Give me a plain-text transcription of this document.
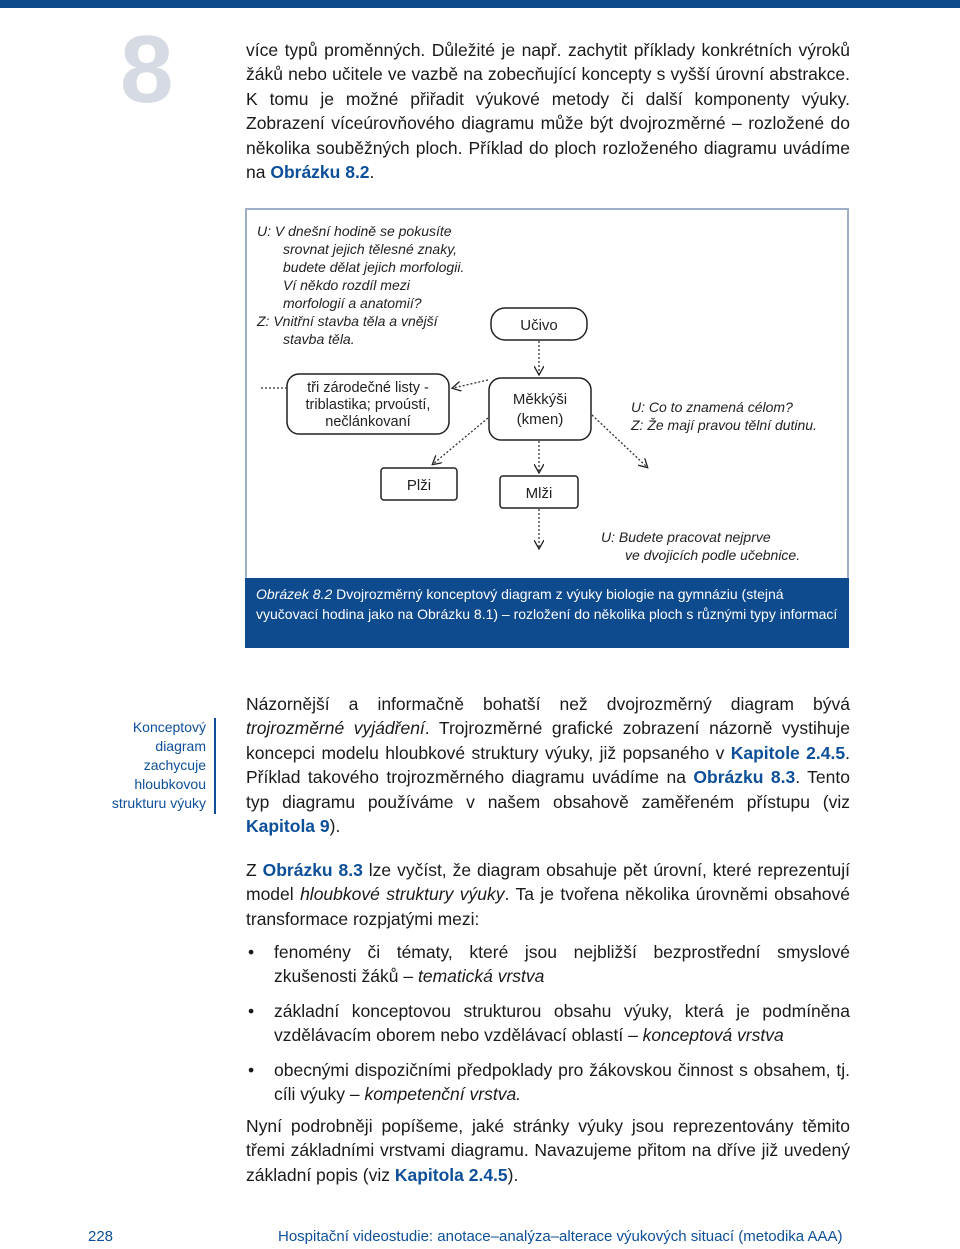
8	více typů proměnných. Důležité je např. zachytit příklady konkrétních výroků žáků nebo učitele ve vazbě na zobecňující koncepty s vyšší úrovní abstrakce. K tomu je možné přiřadit výukové metody či další komponenty výuky. Zobrazení víceúrovňového diagramu může být dvojrozměrné – rozložené do několika souběžných ploch. Příklad do ploch rozloženého diagramu uvádíme na Obrázku 8.2.

U: V dnešní hodině se pokusíte
srovnat jejich tělesné znaky,
budete dělat jejich morfologii.
Ví někdo rozdíl mezi
morfologií a anatomií?
Z: Vnitřní stavba těla a vnější
stavba těla.
Učivo
tři zárodečné listy -
triblastika; prvoústí,
nečlánkovaní
Měkkýši
(kmen)
U: Co to znamená célom?
Z: Že mají pravou tělní dutinu.
Plži	Mlži
U: Budete pracovat nejprve
ve dvojicích podle učebnice.
Obrázek 8.2 Dvojrozměrný konceptový diagram z výuky biologie na gymnáziu (stejná vyučovací hodina jako na Obrázku 8.1) – rozložení do několika ploch s různými typy informací
Konceptový diagram zachycuje hloubkovou strukturu výuky

Názornější a informačně bohatší než dvojrozměrný diagram bývá trojrozměrné vyjádření. Trojrozměrné grafické zobrazení názorně vystihuje koncepci modelu hloubkové struktury výuky, již popsaného v Kapitole 2.4.5. Příklad takového trojrozměrného diagramu uvádíme na Obrázku 8.3. Tento typ diagramu používáme v našem obsahově zaměřeném přístupu (viz Kapitola 9).

Z Obrázku 8.3 lze vyčíst, že diagram obsahuje pět úrovní, které reprezentují model hloubkové struktury výuky. Ta je tvořena několika úrovněmi obsahové transformace rozpjatými mezi:

• fenomény či tématy, které jsou nejbližší bezprostřední smyslové zkušenosti žáků – tematická vrstva
• základní konceptovou strukturou obsahu výuky, která je podmíněna vzdělávacím oborem nebo vzdělávací oblastí – konceptová vrstva
• obecnými dispozičními předpoklady pro žákovskou činnost s obsahem, tj. cíli výuky – kompetenční vrstva.

Nyní podrobněji popíšeme, jaké stránky výuky jsou reprezentovány těmito třemi základními vrstvami diagramu. Navazujeme přitom na dříve již uvedený základní popis (viz Kapitola 2.4.5).

228	Hospitační videostudie: anotace–analýza–alterace výukových situací (metodika AAA)
